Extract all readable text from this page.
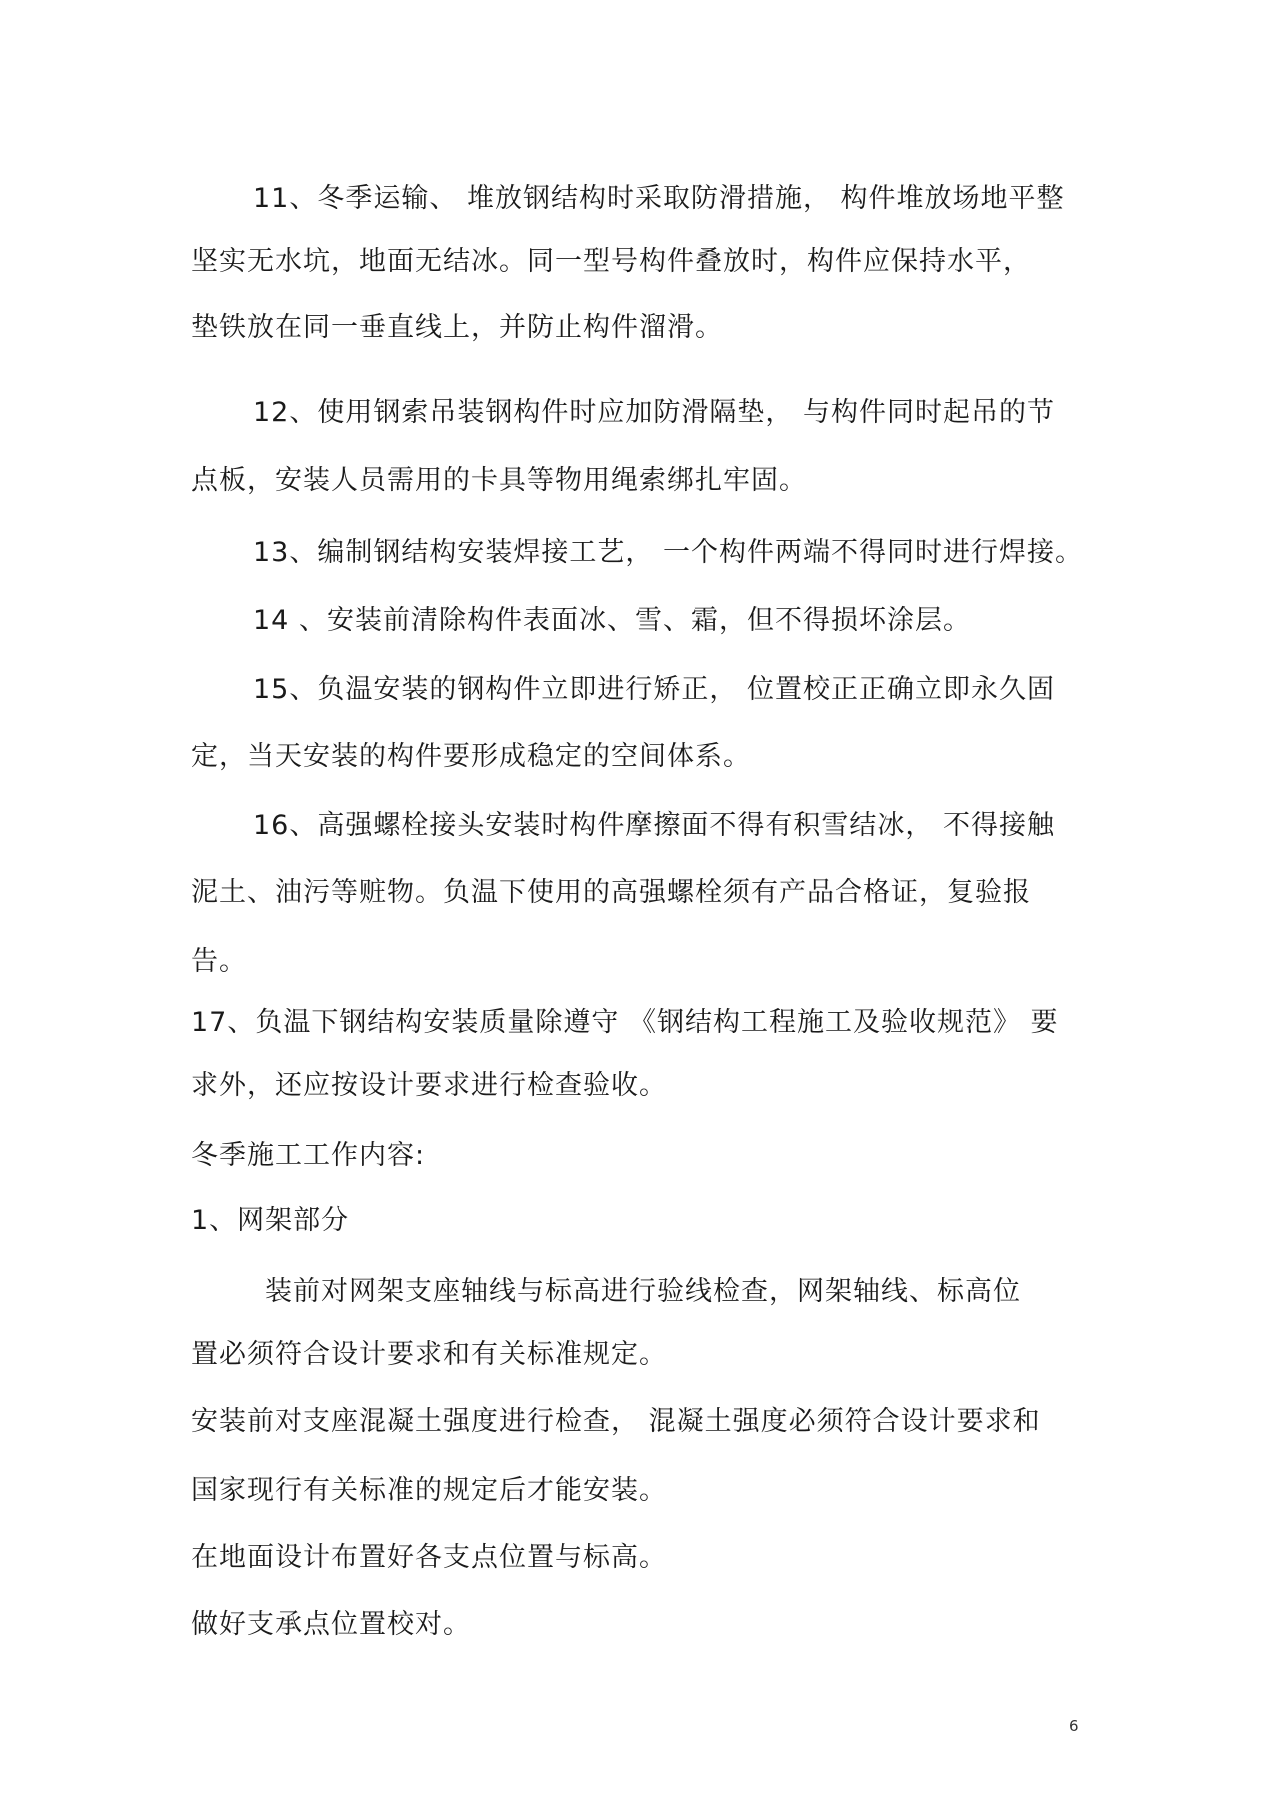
11、冬季运输、 堆放钢结构时采取防滑措施， 构件堆放场地平整
坚实无水坑，地面无结冰。同一型号构件叠放时，构件应保持水平，
垫铁放在同一垂直线上，并防止构件溜滑。
12、使用钢索吊装钢构件时应加防滑隔垫， 与构件同时起吊的节
点板，安装人员需用的卡具等物用绳索绑扎牢固。
13、编制钢结构安装焊接工艺， 一个构件两端不得同时进行焊接。
14 、安装前清除构件表面冰、雪、霜，但不得损坏涂层。
15、负温安装的钢构件立即进行矫正， 位置校正正确立即永久固
定，当天安装的构件要形成稳定的空间体系。
16、高强螺栓接头安装时构件摩擦面不得有积雪结冰， 不得接触
泥土、油污等赃物。负温下使用的高强螺栓须有产品合格证，复验报
告。
17、负温下钢结构安装质量除遵守 《钢结构工程施工及验收规范》 要
求外，还应按设计要求进行检查验收。
冬季施工工作内容:
1、网架部分
装前对网架支座轴线与标高进行验线检查，网架轴线、标高位
置必须符合设计要求和有关标准规定。
安装前对支座混凝土强度进行检查， 混凝土强度必须符合设计要求和
国家现行有关标准的规定后才能安装。
在地面设计布置好各支点位置与标高。
做好支承点位置校对。
6
